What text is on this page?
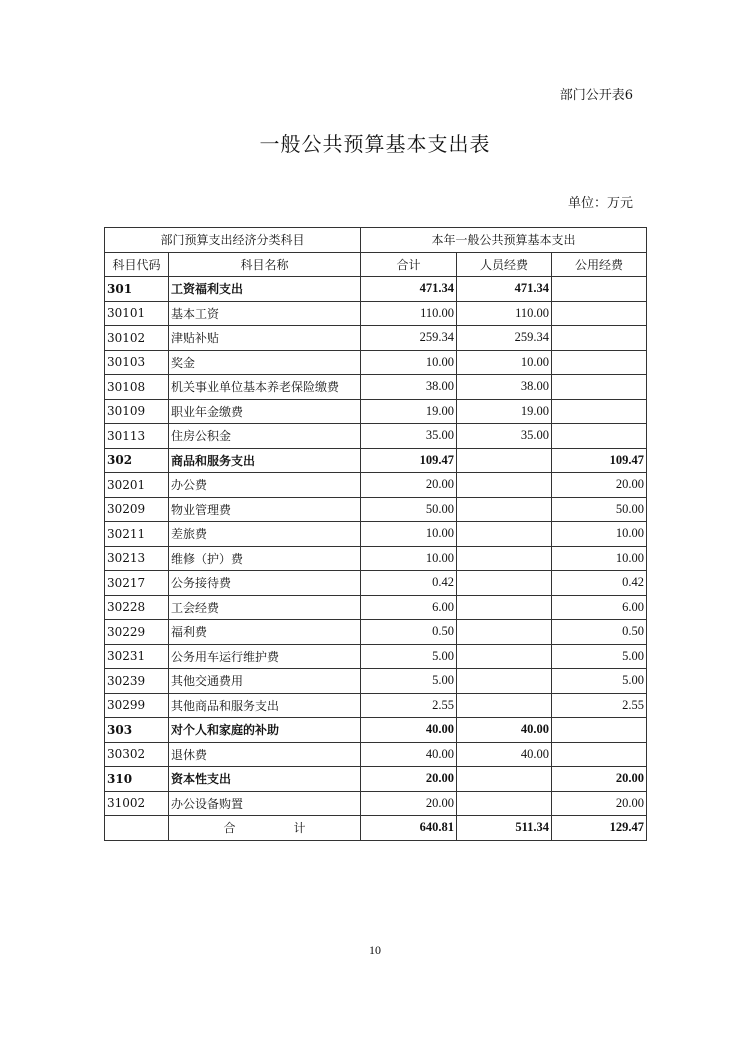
部门公开表6
一般公共预算基本支出表
单位：万元
部门预算支出经济分类科目		本年一般公共预算基本支出		
科目代码	科目名称	合计	人员经费	公用经费
301	工资福利支出	471.34	471.34	
30101	基本工资	110.00	110.00	
30102	津贴补贴	259.34	259.34	
30103	奖金	10.00	10.00	
30108	机关事业单位基本养老保险缴费	38.00	38.00	
30109	职业年金缴费	19.00	19.00	
30113	住房公积金	35.00	35.00	
302	商品和服务支出	109.47		109.47
30201	办公费	20.00		20.00
30209	物业管理费	50.00		50.00
30211	差旅费	10.00		10.00
30213	维修（护）费	10.00		10.00
30217	公务接待费	0.42		0.42
30228	工会经费	6.00		6.00
30229	福利费	0.50		0.50
30231	公务用车运行维护费	5.00		5.00
30239	其他交通费用	5.00		5.00
30299	其他商品和服务支出	2.55		2.55
303	对个人和家庭的补助	40.00	40.00	
30302	退休费	40.00	40.00	
310	资本性支出	20.00		20.00
31002	办公设备购置	20.00		20.00
	合 计	640.81	511.34	129.47
10
